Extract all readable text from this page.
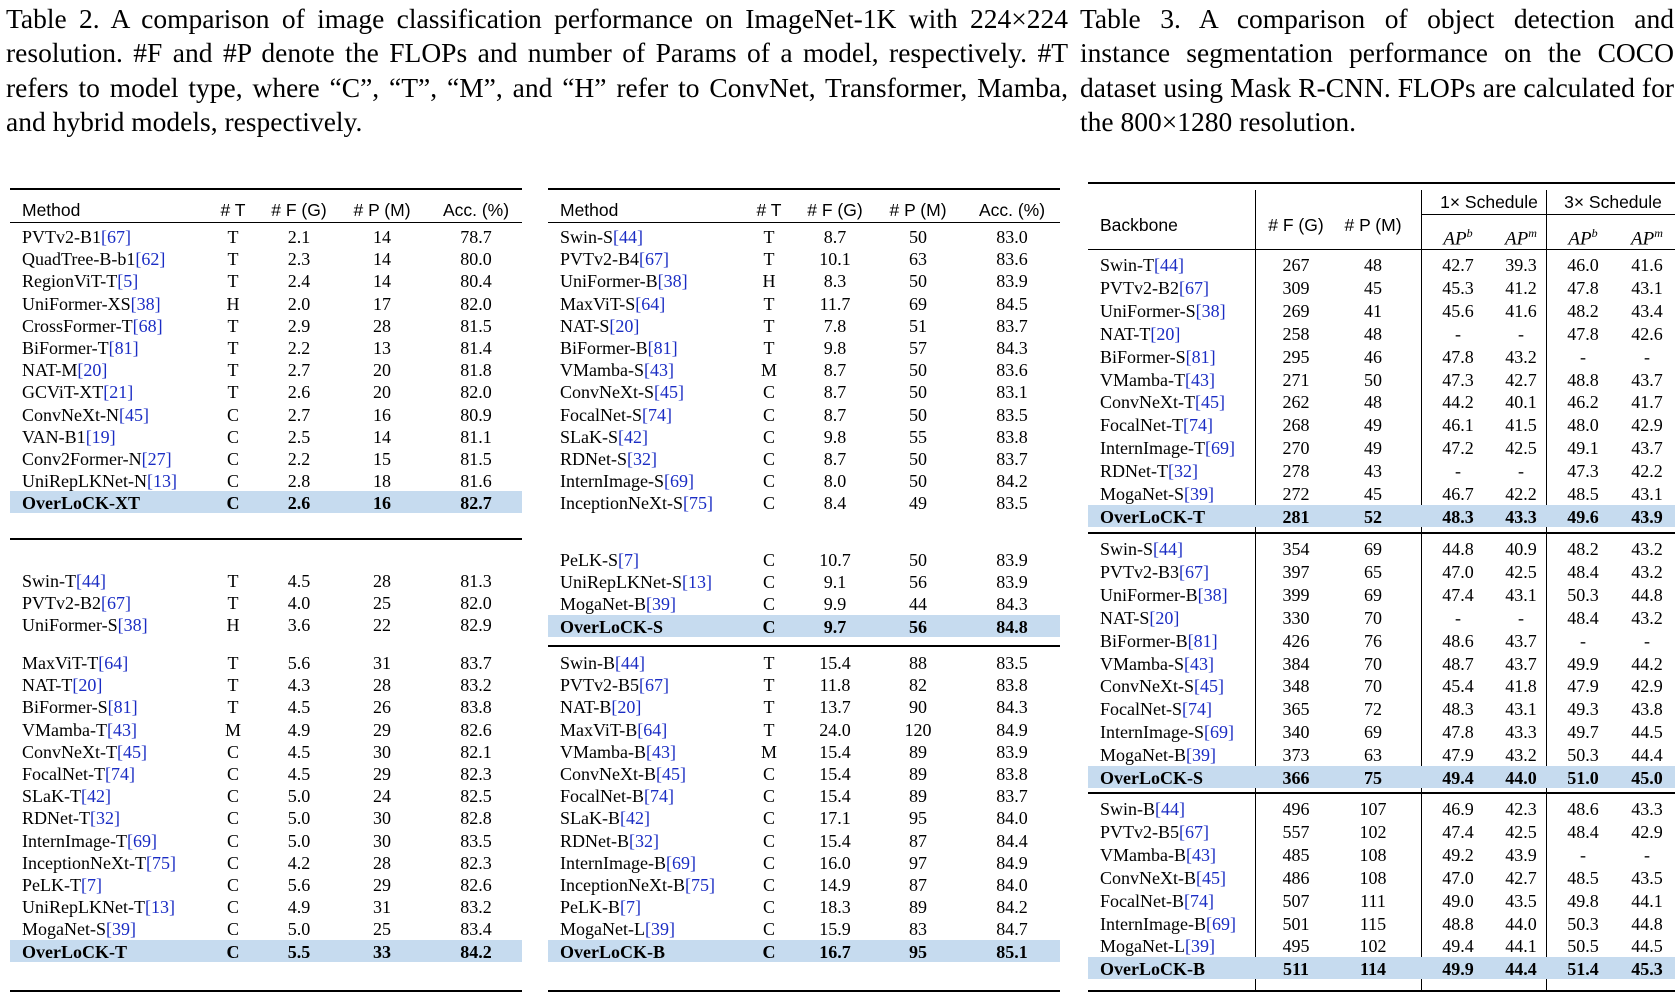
Table 2. A comparison of image classification performance on ImageNet-1K with 224×224 resolution. #F and #P denote the FLOPs and number of Params of a model, respectively. #T refers to model type, where “C”, “T”, “M”, and “H” refer to ConvNet, Transformer, Mamba, and hybrid models, respectively.
Table 3. A comparison of object detection and instance segmentation performance on the COCO dataset using Mask R-CNN. FLOPs are calculated for the 800×1280 resolution.
Method	# T # F (G) # P (M) Acc. (%)
PVTv2-B1[67]	T	2.1	14	78.7
QuadTree-B-b1[62]	T	2.3	14	80.0
RegionViT-T[5]	T	2.4	14	80.4
UniFormer-XS[38]	H	2.0	17	82.0
CrossFormer-T[68]	T	2.9	28	81.5
BiFormer-T[81]	T	2.2	13	81.4
NAT-M[20]	T	2.7	20	81.8
GCViT-XT[21]	T	2.6	20	82.0
ConvNeXt-N[45]	C	2.7	16	80.9
VAN-B1[19]	C	2.5	14	81.1
Conv2Former-N[27]	C	2.2	15	81.5
UniRepLKNet-N[13]	C	2.8	18	81.6
OverLoCK-XT	C	2.6	16	82.7
Swin-T[44]	T	4.5	28	81.3
PVTv2-B2[67]	T	4.0	25	82.0
UniFormer-S[38]	H	3.6	22	82.9
MaxViT-T[64]	T	5.6	31	83.7
NAT-T[20]	T	4.3	28	83.2
BiFormer-S[81]	T	4.5	26	83.8
VMamba-T[43]	M	4.9	29	82.6
ConvNeXt-T[45]	C	4.5	30	82.1
FocalNet-T[74]	C	4.5	29	82.3
SLaK-T[42]	C	5.0	24	82.5
RDNet-T[32]	C	5.0	30	82.8
InternImage-T[69]	C	5.0	30	83.5
InceptionNeXt-T[75]	C	4.2	28	82.3
PeLK-T[7]	C	5.6	29	82.6
UniRepLKNet-T[13]	C	4.9	31	83.2
MogaNet-S[39]	C	5.0	25	83.4
OverLoCK-T	C	5.5	33	84.2
Method	# T # F (G) # P (M) Acc. (%)
Swin-S[44]	T	8.7	50	83.0
PVTv2-B4[67]	T 10.1	63	83.6
UniFormer-B[38]	H	8.3	50	83.9
MaxViT-S[64]	T	11.7	69	84.5
NAT-S[20]	T	7.8	51	83.7
BiFormer-B[81]	T	9.8	57	84.3
VMamba-S[43]	M	8.7	50	83.6
ConvNeXt-S[45]	C	8.7	50	83.1
FocalNet-S[74]	C	8.7	50	83.5
SLaK-S[42]	C	9.8	55	83.8
RDNet-S[32]	C	8.7	50	83.7
InternImage-S[69]	C	8.0	50	84.2
InceptionNeXt-S[75]	C	8.4	49	83.5
PeLK-S[7]	C 10.7	50	83.9
UniRepLKNet-S[13]	C	9.1	56	83.9
MogaNet-B[39]	C	9.9	44	84.3
OverLoCK-S	C	9.7	56	84.8
Swin-B[44]	T 15.4	88	83.5
PVTv2-B5[67]	T	11.8	82	83.8
NAT-B[20]	T 13.7	90	84.3
MaxViT-B[64]	T 24.0	120	84.9
VMamba-B[43]	M 15.4	89	83.9
ConvNeXt-B[45]	C 15.4	89	83.8
FocalNet-B[74]	C 15.4	89	83.7
SLaK-B[42]	C 17.1	95	84.0
RDNet-B[32]	C 15.4	87	84.4
InternImage-B[69]	C 16.0	97	84.9
InceptionNeXt-B[75]	C 14.9	87	84.0
PeLK-B[7]	C 18.3	89	84.2
MogaNet-L[39]	C 15.9	83	84.7
OverLoCK-B	C 16.7	95	85.1
Backbone	# F (G) # P (M)
1× Schedule 3× Schedule
$AP^b$ $AP^m$ $AP^b$ $AP^m$
Swin-T[44]	267	48	42.7 39.3 46.0 41.6
PVTv2-B2[67]	309	45	45.3 41.2 47.8 43.1
UniFormer-S[38]	269	41	45.6 41.6 48.2 43.4
NAT-T[20]	258	48	-	- 47.8 42.6
BiFormer-S[81]	295	46	47.8 43.2 -	-
VMamba-T[43]	271	50	47.3 42.7 48.8 43.7
ConvNeXt-T[45]	262	48	44.2 40.1 46.2 41.7
FocalNet-T[74]	268	49	46.1 41.5 48.0 42.9
InternImage-T[69]	270	49	47.2 42.5 49.1 43.7
RDNet-T[32]	278	43	-	- 47.3 42.2
MogaNet-S[39]	272	45	46.7 42.2 48.5 43.1
OverLoCK-T	281	52	48.3 43.3 49.6 43.9
Swin-S[44]	354	69	44.8 40.9 48.2 43.2
PVTv2-B3[67]	397	65	47.0 42.5 48.4 43.2
UniFormer-B[38]	399	69	47.4 43.1 50.3 44.8
NAT-S[20]	330	70	-	- 48.4 43.2
BiFormer-B[81]	426	76	48.6 43.7 -	-
VMamba-S[43]	384	70	48.7 43.7 49.9 44.2
ConvNeXt-S[45]	348	70	45.4 41.8 47.9 42.9
FocalNet-S[74]	365	72	48.3 43.1 49.3 43.8
InternImage-S[69]	340	69	47.8 43.3 49.7 44.5
MogaNet-B[39]	373	63	47.9 43.2 50.3 44.4
OverLoCK-S	366	75	49.4 44.0 51.0 45.0
Swin-B[44]	496	107	46.9 42.3 48.6 43.3
PVTv2-B5[67]	557	102	47.4 42.5 48.4 42.9
VMamba-B[43]	485	108	49.2 43.9 -	-
ConvNeXt-B[45]	486	108	47.0 42.7 48.5 43.5
FocalNet-B[74]	507	111	49.0 43.5 49.8 44.1
InternImage-B[69]	501	115	48.8 44.0 50.3 44.8
MogaNet-L[39]	495	102	49.4 44.1 50.5 44.5
OverLoCK-B	511	114	49.9 44.4 51.4 45.3
